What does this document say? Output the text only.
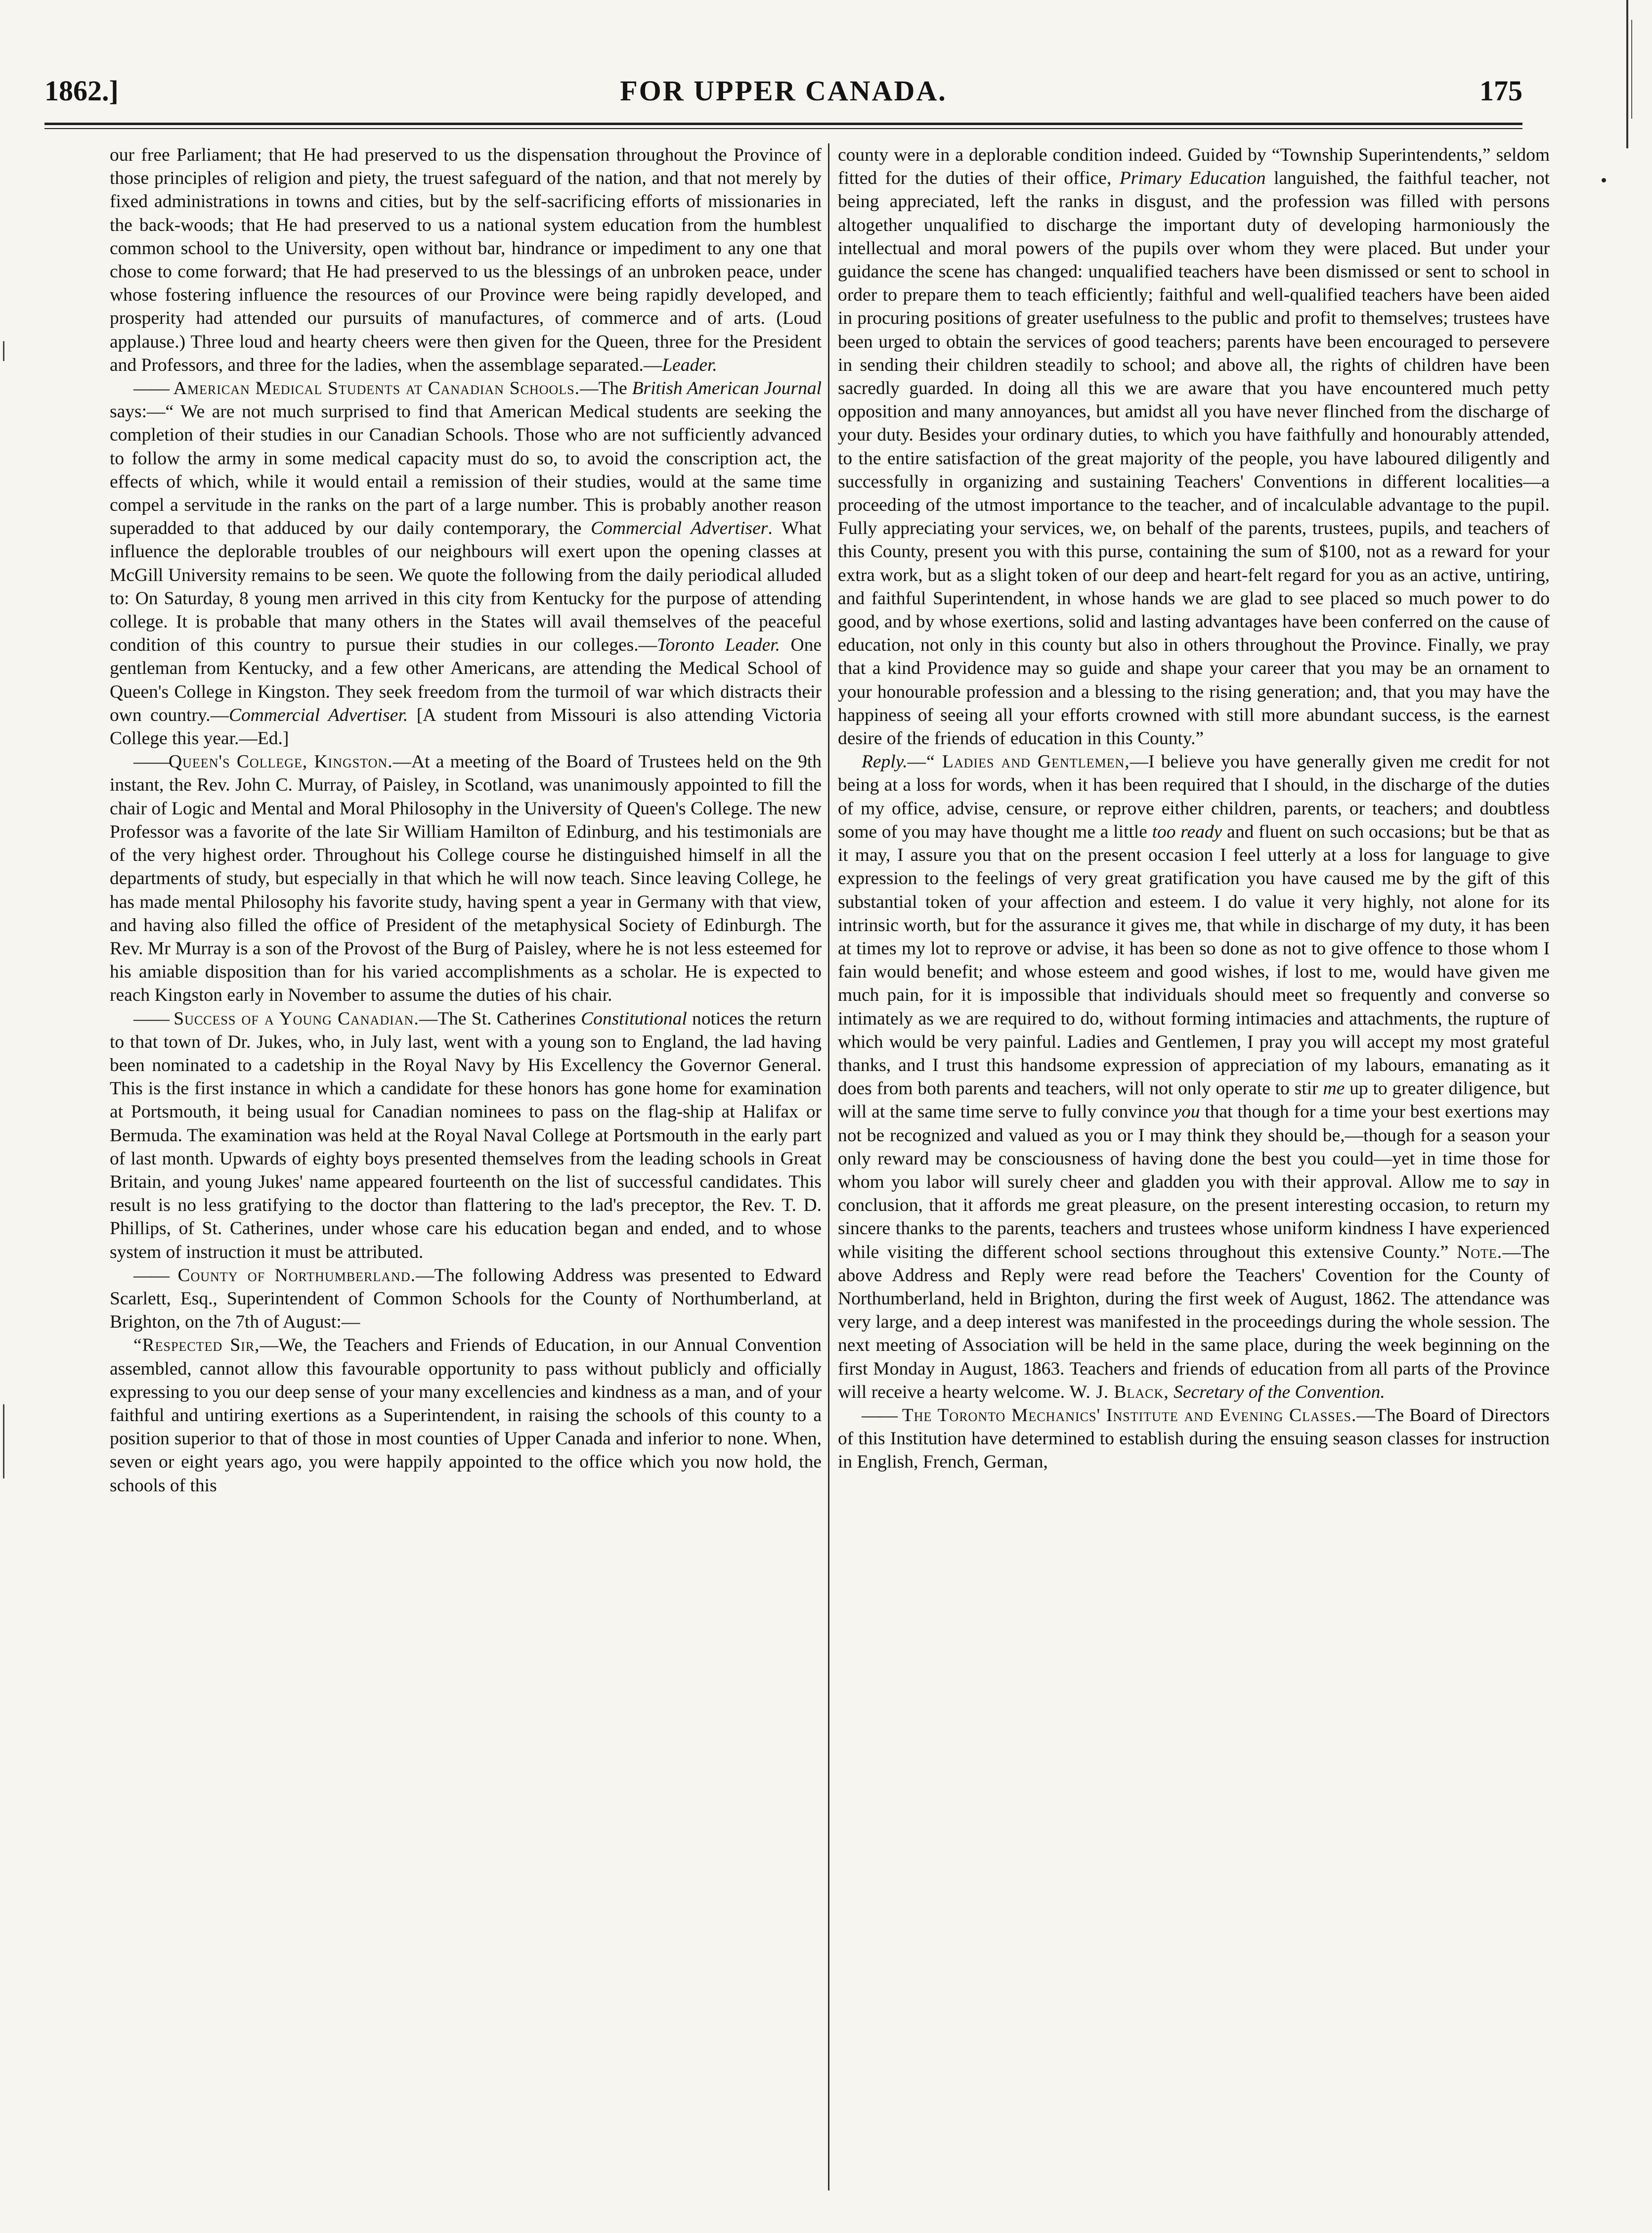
1862.]	FOR UPPER CANADA.	175

our free Parliament; that He had preserved to us the dispensation throughout the Province of those principles of religion and piety, the truest safeguard of the nation, and that not merely by fixed administrations in towns and cities, but by the self-sacrificing efforts of missionaries in the back-woods; that He had preserved to us a national system education from the humblest common school to the University, open without bar, hindrance or impediment to any one that chose to come forward; that He had preserved to us the blessings of an unbroken peace, under whose fostering influence the resources of our Province were being rapidly developed, and prosperity had attended our pursuits of manufactures, of commerce and of arts. (Loud applause.) Three loud and hearty cheers were then given for the Queen, three for the President and Professors, and three for the ladies, when the assemblage separated.—Leader.

—— American Medical Students at Canadian Schools.—The British American Journal says:—“ We are not much surprised to find that American Medical students are seeking the completion of their studies in our Canadian Schools. Those who are not sufficiently advanced to follow the army in some medical capacity must do so, to avoid the conscription act, the effects of which, while it would entail a remission of their studies, would at the same time compel a servitude in the ranks on the part of a large number. This is probably another reason superadded to that adduced by our daily contemporary, the Commercial Advertiser. What influence the deplorable troubles of our neighbours will exert upon the opening classes at McGill University remains to be seen. We quote the following from the daily periodical alluded to: On Saturday, 8 young men arrived in this city from Kentucky for the purpose of attending college. It is probable that many others in the States will avail themselves of the peaceful condition of this country to pursue their studies in our colleges.—Toronto Leader. One gentleman from Kentucky, and a few other Americans, are attending the Medical School of Queen's College in Kingston. They seek freedom from the turmoil of war which distracts their own country.—Commercial Advertiser. [A student from Missouri is also attending Victoria College this year.—Ed.]

——Queen's College, Kingston.—At a meeting of the Board of Trustees held on the 9th instant, the Rev. John C. Murray, of Paisley, in Scotland, was unanimously appointed to fill the chair of Logic and Mental and Moral Philosophy in the University of Queen's College. The new Professor was a favorite of the late Sir William Hamilton of Edinburg, and his testimonials are of the very highest order. Throughout his College course he distinguished himself in all the departments of study, but especially in that which he will now teach. Since leaving College, he has made mental Philosophy his favorite study, having spent a year in Germany with that view, and having also filled the office of President of the metaphysical Society of Edinburgh. The Rev. Mr Murray is a son of the Provost of the Burg of Paisley, where he is not less esteemed for his amiable disposition than for his varied accomplishments as a scholar. He is expected to reach Kingston early in November to assume the duties of his chair.

—— Success of a Young Canadian.—The St. Catherines Constitutional notices the return to that town of Dr. Jukes, who, in July last, went with a young son to England, the lad having been nominated to a cadetship in the Royal Navy by His Excellency the Governor General. This is the first instance in which a candidate for these honors has gone home for examination at Portsmouth, it being usual for Canadian nominees to pass on the flag-ship at Halifax or Bermuda. The examination was held at the Royal Naval College at Portsmouth in the early part of last month. Upwards of eighty boys presented themselves from the leading schools in Great Britain, and young Jukes' name appeared fourteenth on the list of successful candidates. This result is no less gratifying to the doctor than flattering to the lad's preceptor, the Rev. T. D. Phillips, of St. Catherines, under whose care his education began and ended, and to whose system of instruction it must be attributed.

—— County of Northumberland.—The following Address was presented to Edward Scarlett, Esq., Superintendent of Common Schools for the County of Northumberland, at Brighton, on the 7th of August:—

“Respected Sir,—We, the Teachers and Friends of Education, in our Annual Convention assembled, cannot allow this favourable opportunity to pass without publicly and officially expressing to you our deep sense of your many excellencies and kindness as a man, and of your faithful and untiring exertions as a Superintendent, in raising the schools of this county to a position superior to that of those in most counties of Upper Canada and inferior to none. When, seven or eight years ago, you were happily appointed to the office which you now hold, the schools of this

county were in a deplorable condition indeed. Guided by “Township Superintendents,” seldom fitted for the duties of their office, Primary Education languished, the faithful teacher, not being appreciated, left the ranks in disgust, and the profession was filled with persons altogether unqualified to discharge the important duty of developing harmoniously the intellectual and moral powers of the pupils over whom they were placed. But under your guidance the scene has changed: unqualified teachers have been dismissed or sent to school in order to prepare them to teach efficiently; faithful and well-qualified teachers have been aided in procuring positions of greater usefulness to the public and profit to themselves; trustees have been urged to obtain the services of good teachers; parents have been encouraged to persevere in sending their children steadily to school; and above all, the rights of children have been sacredly guarded. In doing all this we are aware that you have encountered much petty opposition and many annoyances, but amidst all you have never flinched from the discharge of your duty. Besides your ordinary duties, to which you have faithfully and honourably attended, to the entire satisfaction of the great majority of the people, you have laboured diligently and successfully in organizing and sustaining Teachers' Conventions in different localities—a proceeding of the utmost importance to the teacher, and of incalculable advantage to the pupil. Fully appreciating your services, we, on behalf of the parents, trustees, pupils, and teachers of this County, present you with this purse, containing the sum of $100, not as a reward for your extra work, but as a slight token of our deep and heart-felt regard for you as an active, untiring, and faithful Superintendent, in whose hands we are glad to see placed so much power to do good, and by whose exertions, solid and lasting advantages have been conferred on the cause of education, not only in this county but also in others throughout the Province. Finally, we pray that a kind Providence may so guide and shape your career that you may be an ornament to your honourable profession and a blessing to the rising generation; and, that you may have the happiness of seeing all your efforts crowned with still more abundant success, is the earnest desire of the friends of education in this County.”

Reply.—“ Ladies and Gentlemen,—I believe you have generally given me credit for not being at a loss for words, when it has been required that I should, in the discharge of the duties of my office, advise, censure, or reprove either children, parents, or teachers; and doubtless some of you may have thought me a little too ready and fluent on such occasions; but be that as it may, I assure you that on the present occasion I feel utterly at a loss for language to give expression to the feelings of very great gratification you have caused me by the gift of this substantial token of your affection and esteem. I do value it very highly, not alone for its intrinsic worth, but for the assurance it gives me, that while in discharge of my duty, it has been at times my lot to reprove or advise, it has been so done as not to give offence to those whom I fain would benefit; and whose esteem and good wishes, if lost to me, would have given me much pain, for it is impossible that individuals should meet so frequently and converse so intimately as we are required to do, without forming intimacies and attachments, the rupture of which would be very painful. Ladies and Gentlemen, I pray you will accept my most grateful thanks, and I trust this handsome expression of appreciation of my labours, emanating as it does from both parents and teachers, will not only operate to stir me up to greater diligence, but will at the same time serve to fully convince you that though for a time your best exertions may not be recognized and valued as you or I may think they should be,—though for a season your only reward may be consciousness of having done the best you could—yet in time those for whom you labor will surely cheer and gladden you with their approval. Allow me to say in conclusion, that it affords me great pleasure, on the present interesting occasion, to return my sincere thanks to the parents, teachers and trustees whose uniform kindness I have experienced while visiting the different school sections throughout this extensive County.” Note.—The above Address and Reply were read before the Teachers' Covention for the County of Northumberland, held in Brighton, during the first week of August, 1862. The attendance was very large, and a deep interest was manifested in the proceedings during the whole session. The next meeting of Association will be held in the same place, during the week beginning on the first Monday in August, 1863. Teachers and friends of education from all parts of the Province will receive a hearty welcome. W. J. Black, Secretary of the Convention.

—— The Toronto Mechanics' Institute and Evening Classes.—The Board of Directors of this Institution have determined to establish during the ensuing season classes for instruction in English, French, German,
